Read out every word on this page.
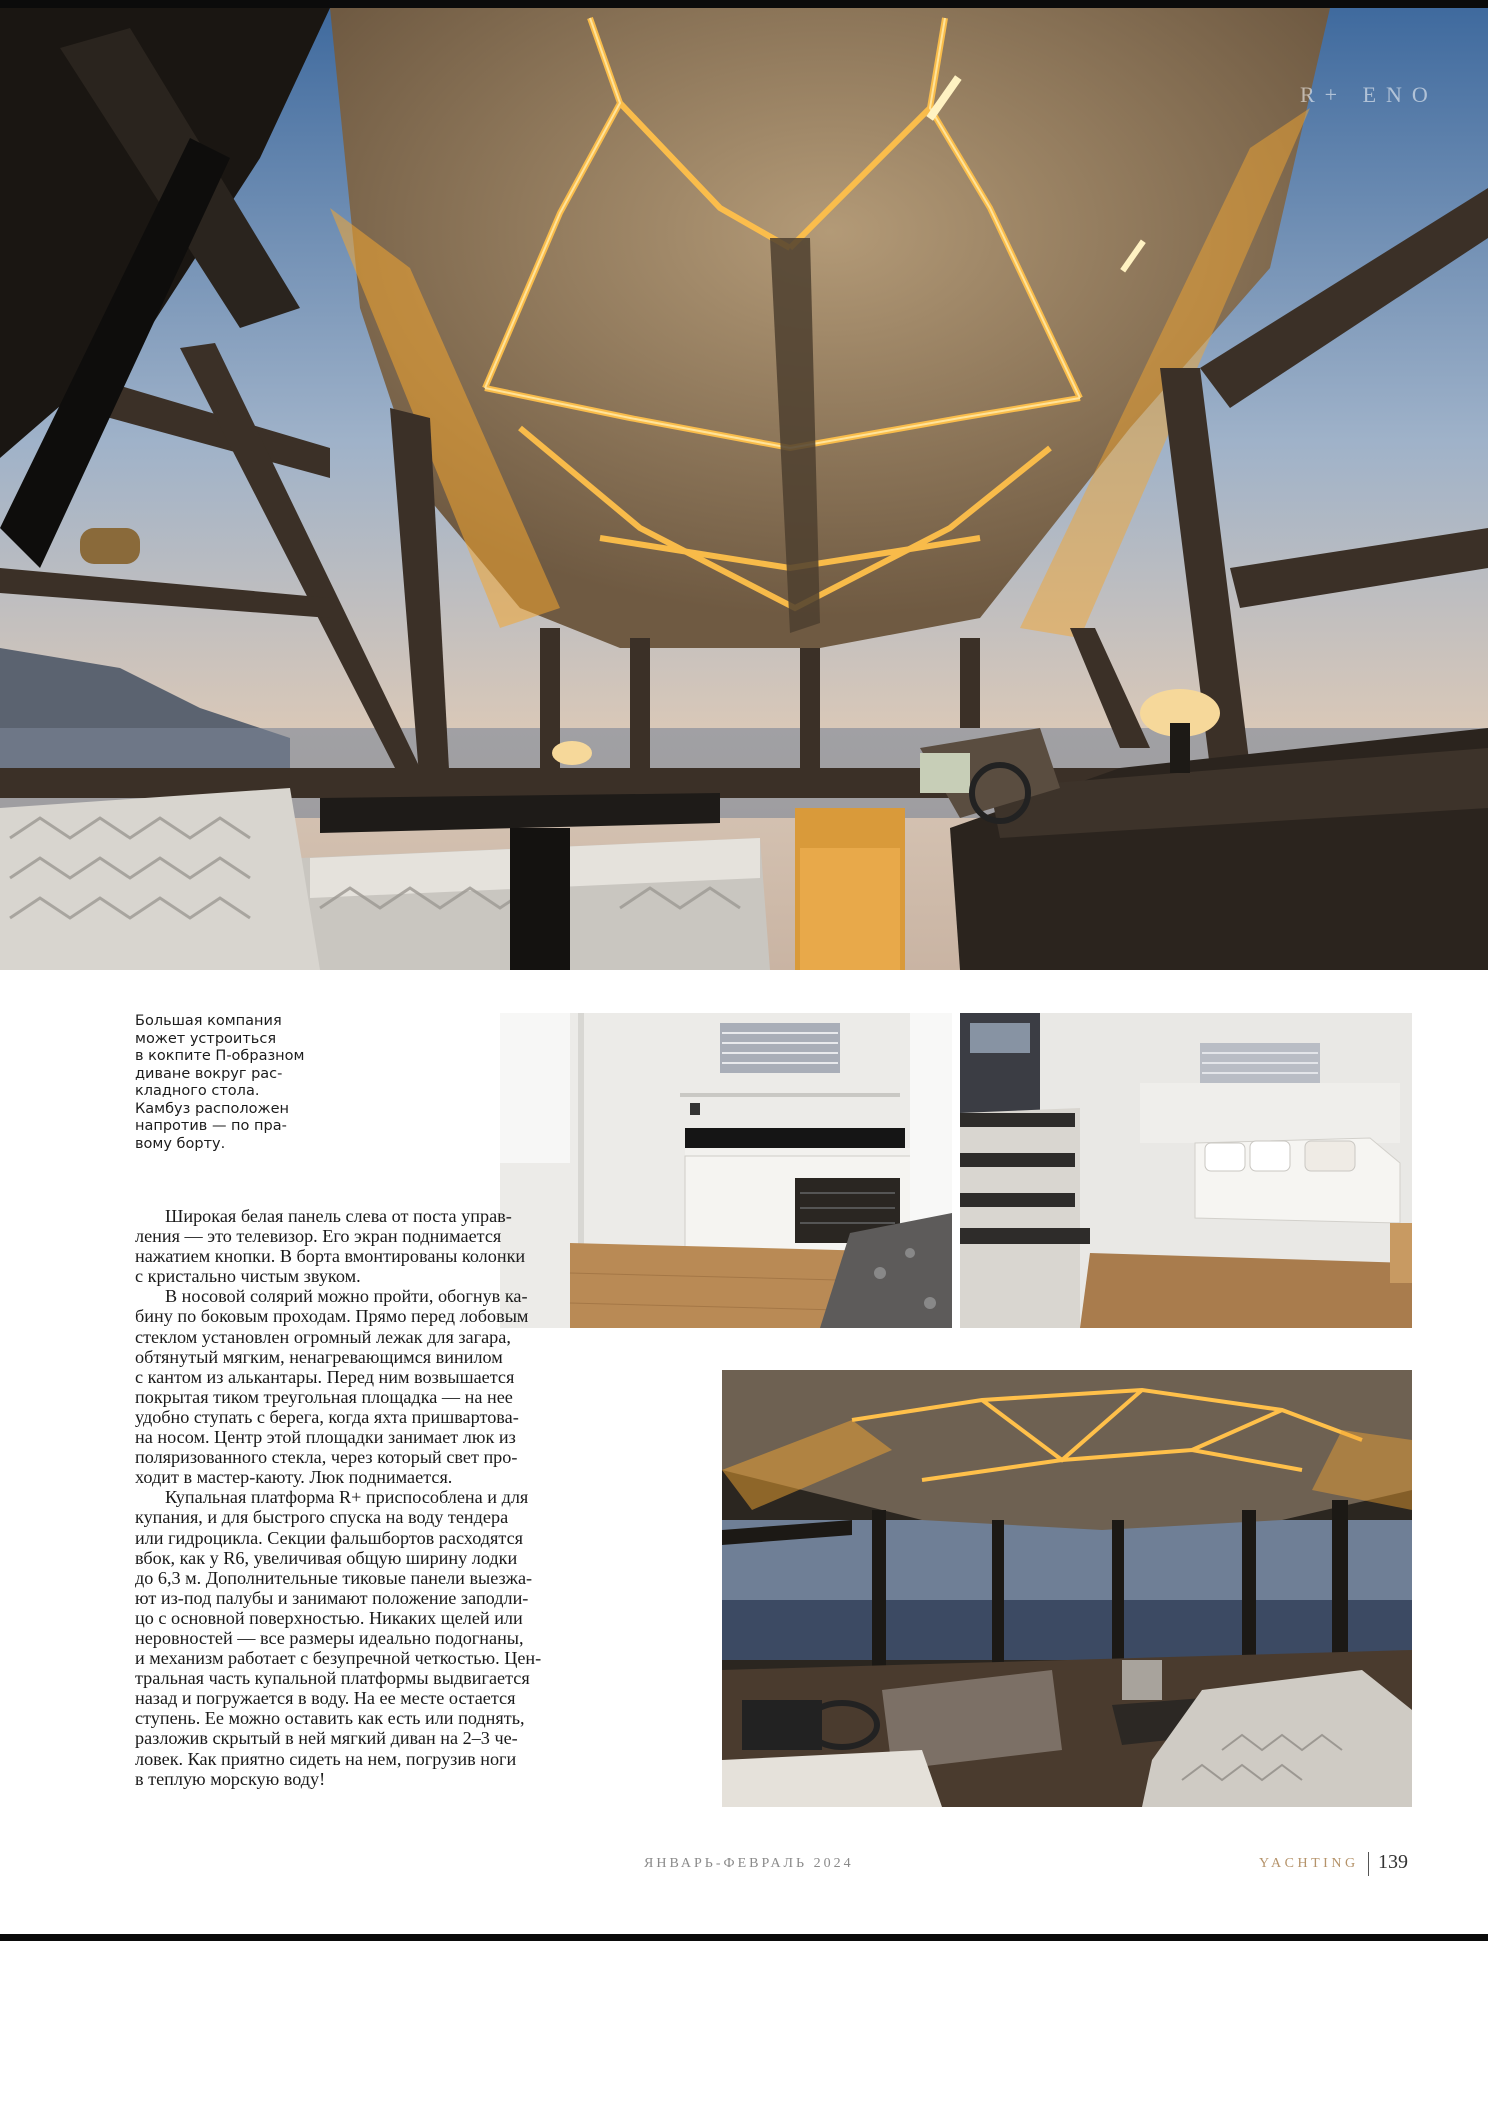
R+ ENO
Большая компания
может устроиться
в кокпите П-образном
диване вокруг рас-
кладного стола.
Камбуз расположен
напротив — по пра-
вому борту.
Широкая белая панель слева от поста управ-
ления — это телевизор. Его экран поднимается
нажатием кнопки. В борта вмонтированы колонки
с кристально чистым звуком.
В носовой солярий можно пройти, обогнув ка-
бину по боковым проходам. Прямо перед лобовым
стеклом установлен огромный лежак для загара,
обтянутый мягким, ненагревающимся винилом
с кантом из алькантары. Перед ним возвышается
покрытая тиком треугольная площадка — на нее
удобно ступать с берега, когда яхта пришвартова-
на носом. Центр этой площадки занимает люк из
поляризованного стекла, через который свет про-
ходит в мастер-каюту. Люк поднимается.
Купальная платформа R+ приспособлена и для
купания, и для быстрого спуска на воду тендера
или гидроцикла. Секции фальшбортов расходятся
вбок, как у R6, увеличивая общую ширину лодки
до 6,3 м. Дополнительные тиковые панели выезжа-
ют из-под палубы и занимают положение заподли-
цо с основной поверхностью. Никаких щелей или
неровностей — все размеры идеально подогнаны,
и механизм работает с безупречной четкостью. Цен-
тральная часть купальной платформы выдвигается
назад и погружается в воду. На ее месте остается
ступень. Ее можно оставить как есть или поднять,
разложив скрытый в ней мягкий диван на 2–3 че-
ловек. Как приятно сидеть на нем, погрузив ноги
в теплую морскую воду!
ЯНВАРЬ-ФЕВРАЛЬ 2024	YACHTING 139
